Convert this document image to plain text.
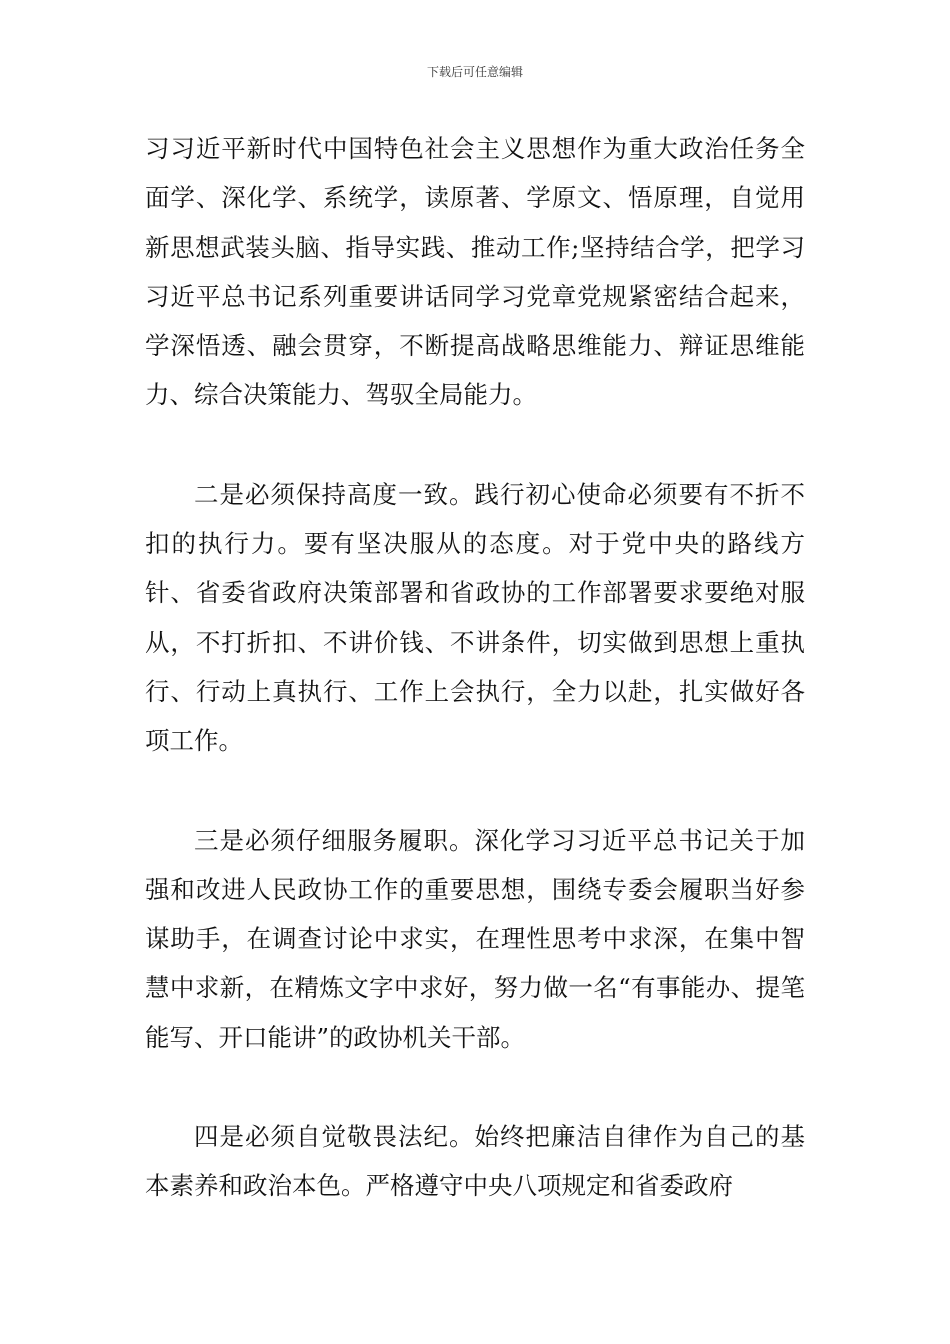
下载后可任意编辑

习习近平新时代中国特色社会主义思想作为重大政治任务全面学、深化学、系统学，读原著、学原文、悟原理，自觉用新思想武装头脑、指导实践、推动工作;坚持结合学，把学习习近平总书记系列重要讲话同学习党章党规紧密结合起来，学深悟透、融会贯穿，不断提高战略思维能力、辩证思维能力、综合决策能力、驾驭全局能力。

二是必须保持高度一致。践行初心使命必须要有不折不扣的执行力。要有坚决服从的态度。对于党中央的路线方针、省委省政府决策部署和省政协的工作部署要求要绝对服从，不打折扣、不讲价钱、不讲条件，切实做到思想上重执行、行动上真执行、工作上会执行，全力以赴，扎实做好各项工作。

三是必须仔细服务履职。深化学习习近平总书记关于加强和改进人民政协工作的重要思想，围绕专委会履职当好参谋助手，在调查讨论中求实，在理性思考中求深，在集中智慧中求新，在精炼文字中求好，努力做一名“有事能办、提笔能写、开口能讲”的政协机关干部。

四是必须自觉敬畏法纪。始终把廉洁自律作为自己的基本素养和政治本色。严格遵守中央八项规定和省委政府
